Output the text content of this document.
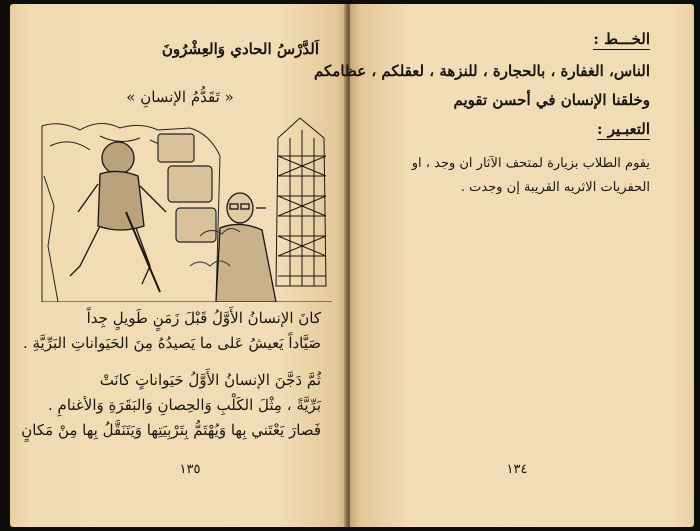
اَلدَّرْسُ الحادي وَالعِشْرُونَ
« تَقَدُّمُ الإنسانِ »
كانَ الإنسانُ الأَوَّلُ قَبْلَ زَمَنٍ طَويلٍ جِداً
صَيَّاداً يَعيشُ عَلى ما يَصيدُهُ مِنَ الحَيَواناتِ البَرِّيَّةِ .
ثُمَّ دَجَّنَ الإنسانُ الأَوَّلُ حَيَواناتٍ كانَتْ
بَرِّيَّةً ، مِثْلَ الكَلْبِ وَالحِصانِ وَالبَقَرَةِ وَالأغنامِ .
فَصارَ يَعْتَني بِها وَيُهْتَمُّ بِتَرْبِيَتِها وَيَتَنَقَّلُ بِها مِنْ مَكانٍ
١٣٥
الخـــط :
الناس، الغفارة ، بالحجارة ، للنزهة ، لعقلكم ، عظامكم
وخلقنا الإنسان في أحسن تقويم
التعبـير :
يقوم الطلاب بزيارة لمتحف الآثار ان وجد ، او
الحفريات الاثريه القريبة إن وجدت .
١٣٤
